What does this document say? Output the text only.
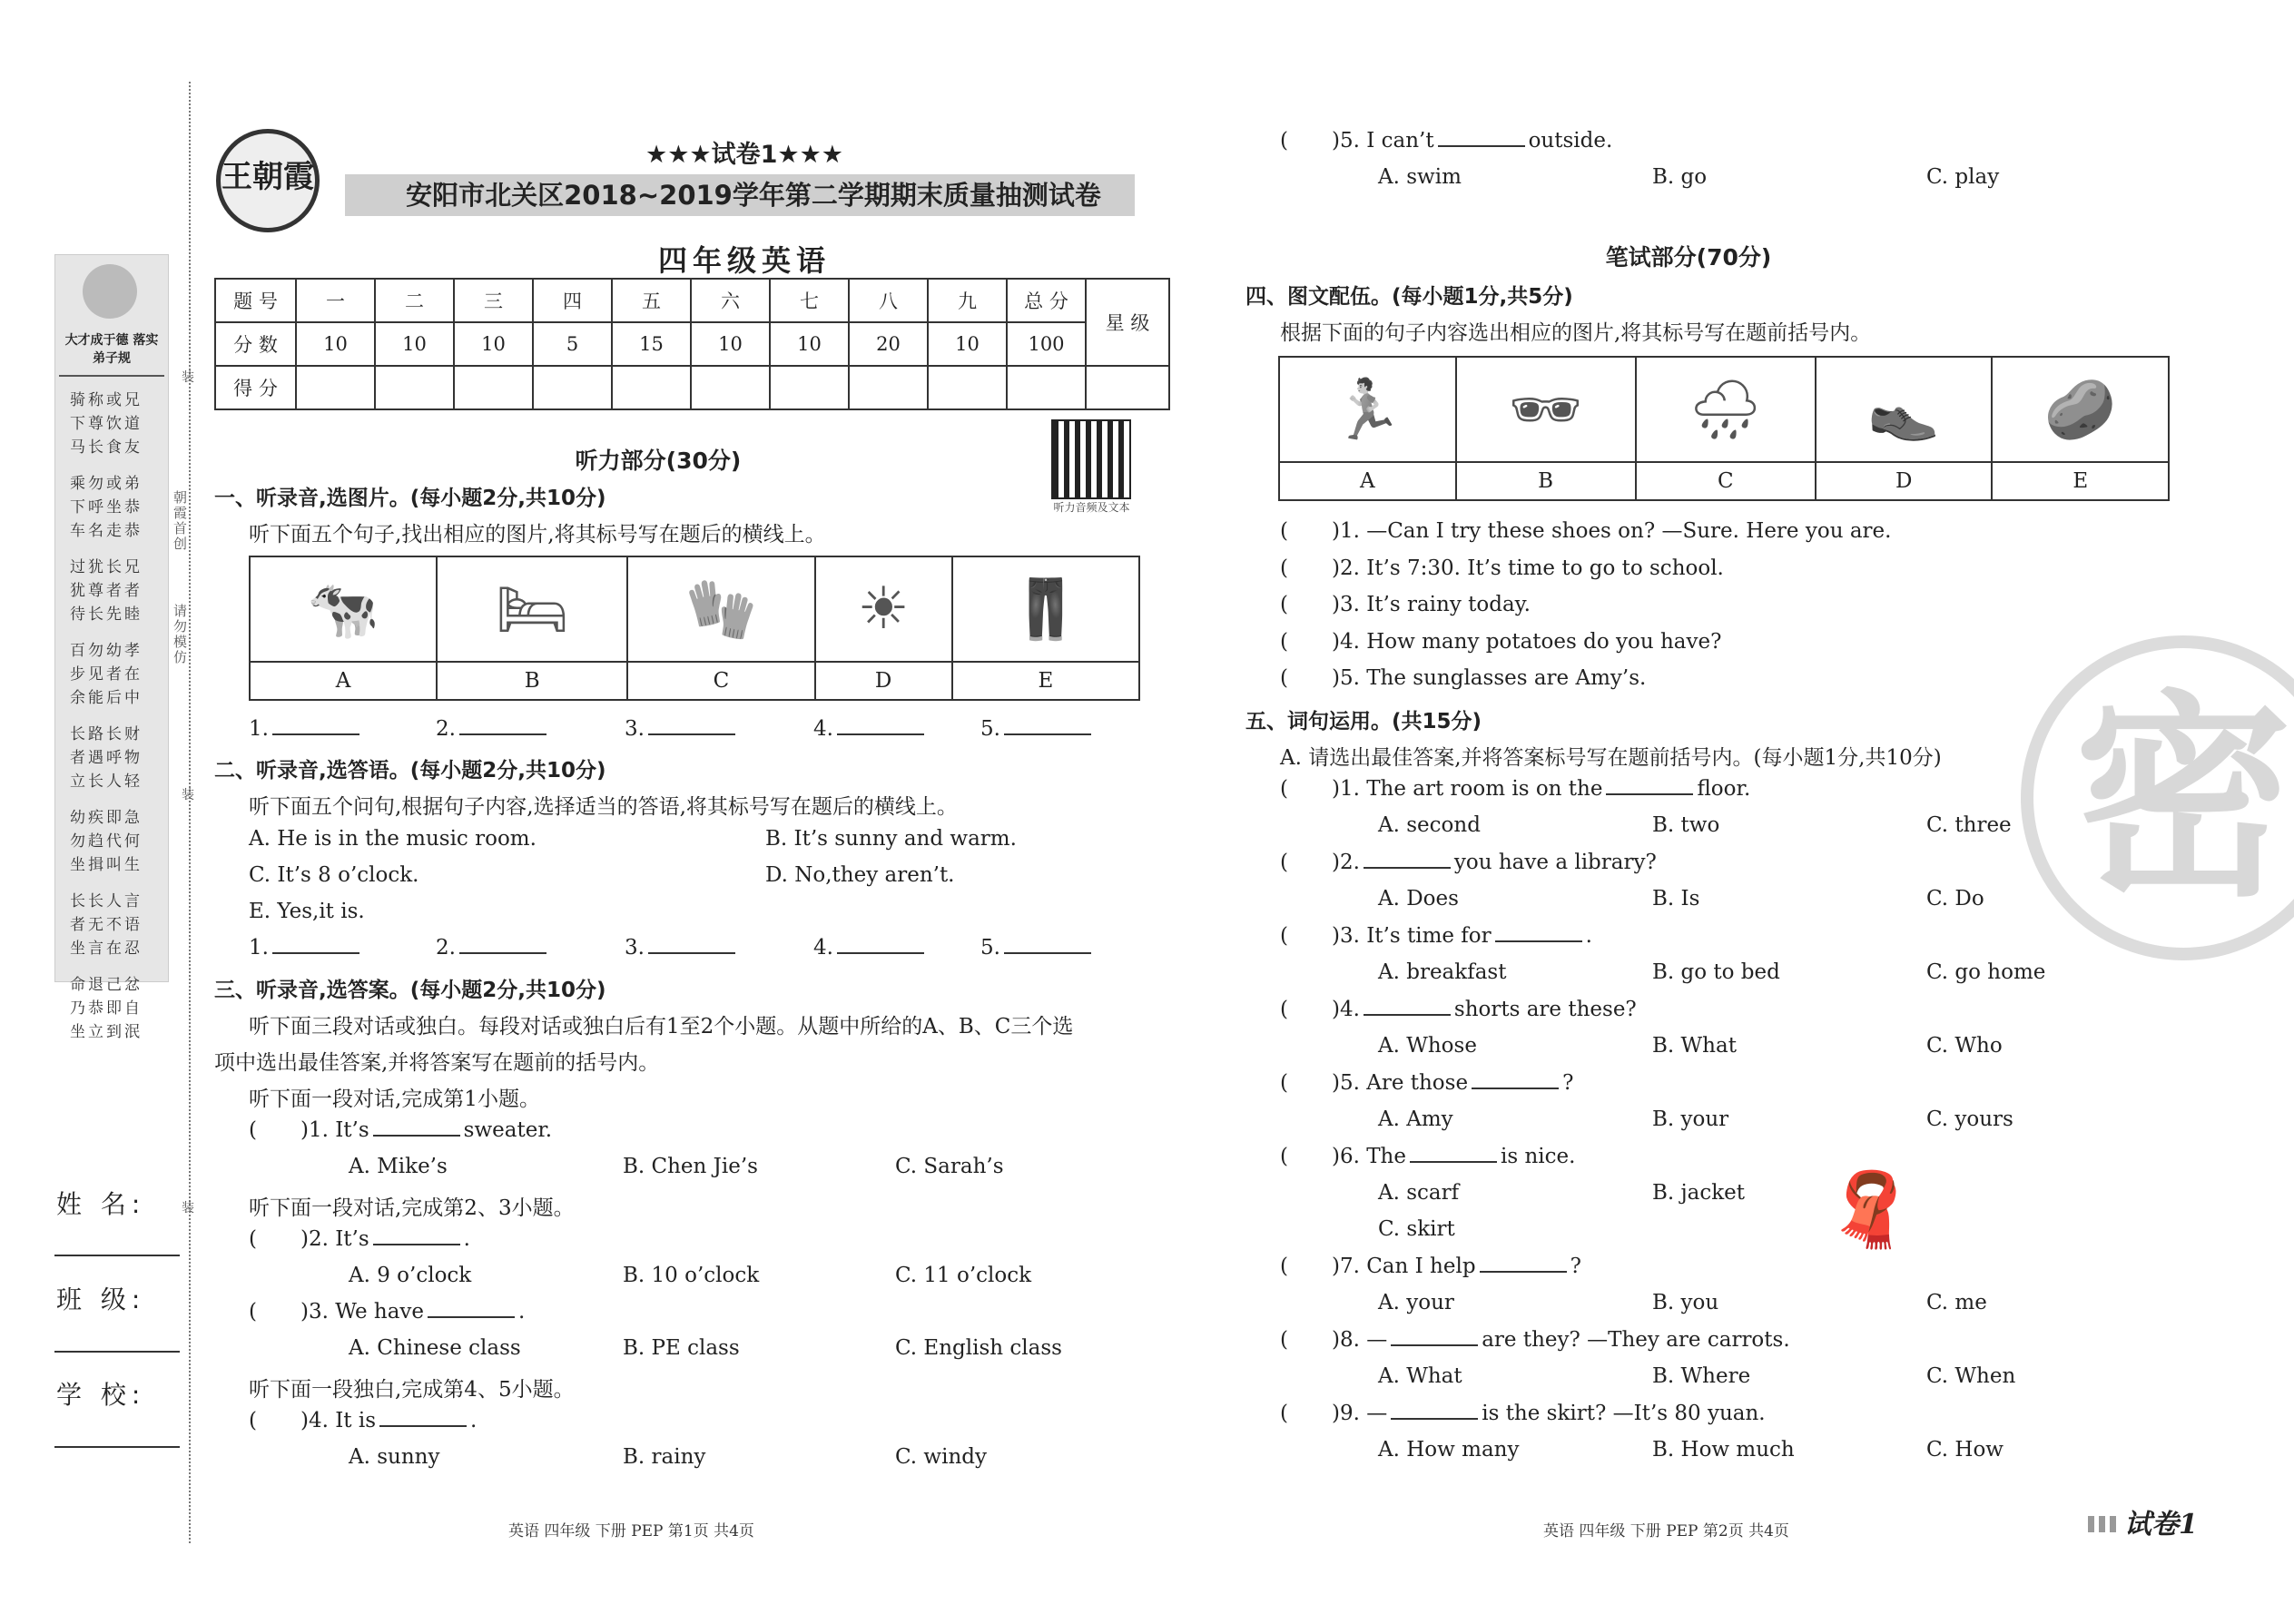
装
装
装
朝霞首创
请勿模仿
大才成于德 落实弟子规
骑称或兄
下尊饮道
马长食友
乘勿或弟
下呼坐恭
车名走恭
过犹长兄
犹尊者者
待长先睦
百勿幼孝
步见者在
余能后中
长路长财
者遇呼物
立长人轻
幼疾即急
勿趋代何
坐揖叫生
长长人言
者无不语
坐言在忍
命退己忿
乃恭即自
坐立到泯
姓 名:
班 级:
学 校:
王朝霞
★★★试卷1★★★
安阳市北关区2018~2019学年第二学期期末质量抽测试卷
四年级英语
题 号	一	二	三	四	五	六	七	八	九	总 分	星 级
分 数	10	10	10	5	15	10	10	20	10	100	
得 分											
听力音频及文本
听力部分(30分)
一、听录音,选图片。(每小题2分,共10分)
听下面五个句子,找出相应的图片,将其标号写在题后的横线上。
🐄	🛏	🧤	☀	👖

A	B	C	D	E
1.	2.	3.	4.	5.
二、听录音,选答语。(每小题2分,共10分)
听下面五个问句,根据句子内容,选择适当的答语,将其标号写在题后的横线上。
A. He is in the music room.	B. It’s sunny and warm.
C. It’s 8 o’clock.	D. No,they aren’t.
E. Yes,it is.
1.	2.	3.	4.	5.
三、听录音,选答案。(每小题2分,共10分)
听下面三段对话或独白。每段对话或独白后有1至2个小题。从题中所给的A、B、C三个选
项中选出最佳答案,并将答案写在题前的括号内。
听下面一段对话,完成第1小题。
听下面一段对话,完成第2、3小题。
听下面一段独白,完成第4、5小题。
( )1. It’s	sweater.
A. Mike’s	B. Chen Jie’s	C. Sarah’s
( )2. It’s	.
A. 9 o’clock	B. 10 o’clock	C. 11 o’clock
( )3. We have	.
A. Chinese class	B. PE class	C. English class
( )4. It is	.
A. sunny	B. rainy	C. windy
( )5. I can’t	outside.
A. swim	B. go	C. play
笔试部分(70分)
四、图文配伍。(每小题1分,共5分)
根据下面的句子内容选出相应的图片,将其标号写在题前括号内。
🏃	🕶	🌧	👞	🥔

A	B	C	D	E
( )1. —Can I try these shoes on? —Sure. Here you are.
( )2. It’s 7:30. It’s time to go to school.
( )3. It’s rainy today.
( )4. How many potatoes do you have?
( )5. The sunglasses are Amy’s.
五、词句运用。(共15分)
A. 请选出最佳答案,并将答案标号写在题前括号内。(每小题1分,共10分)
( )1. The art room is on the	floor.
A. second	B. two	C. three
( )2.	you have a library?
A. Does	B. Is	C. Do
( )3. It’s time for	.
A. breakfast	B. go to bed	C. go home
( )4.	shorts are these?
A. Whose	B. What	C. Who
( )5. Are those	?
A. Amy	B. your	C. yours
( )6. The	is nice.
A. scarf	B. jacket
C. skirt
( )7. Can I help	?
A. your	B. you	C. me
( )8. —	are they? —They are carrots.
A. What	B. Where	C. When
( )9. —	is the skirt? —It’s 80 yuan.
A. How many	B. How much	C. How
🧣
密
英语 四年级 下册 PEP 第1页 共4页	英语 四年级 下册 PEP 第2页 共4页	试卷1
